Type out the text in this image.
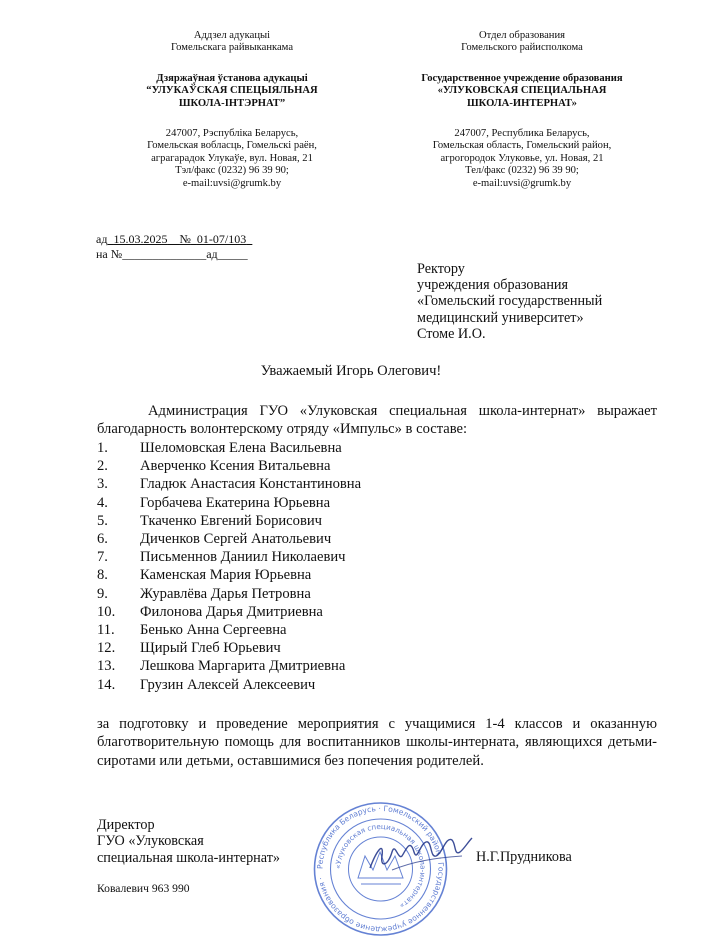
Аддзел адукацыі
Гомельскага райвыканкама
Дзяржаўная ўстанова адукацыі
“УЛУКАЎСКАЯ СПЕЦЫЯЛЬНАЯ
ШКОЛА-ІНТЭРНАТ”
247007, Рэспубліка Беларусь,
Гомельская вобласць, Гомельскі раён,
аграгарадок Улукаўе, вул. Новая, 21
Тэл/факс (0232) 96 39 90;
e-mail:uvsi@grumk.by
Отдел образования
Гомельского райисполкома
Государственное учреждение образования
«УЛУКОВСКАЯ СПЕЦИАЛЬНАЯ
ШКОЛА-ИНТЕРНАТ»
247007, Республика Беларусь,
Гомельская область, Гомельский район,
агрогородок Улуковье, ул. Новая, 21
Тел/факс (0232) 96 39 90;
e-mail:uvsi@grumk.by
ад_15.03.2025__№_01-07/103_
на №______________ад_____
Ректору
учреждения образования
«Гомельский государственный
медицинский университет»
Стоме И.О.
Уважаемый Игорь Олегович!
Администрация ГУО «Улуковская специальная школа-интернат» выражает благодарность волонтерскому отряду «Импульс» в составе:
1.	Шеломовская Елена Васильевна
2.	Аверченко Ксения Витальевна
3.	Гладюк Анастасия Константиновна
4.	Горбачева Екатерина Юрьевна
5.	Ткаченко Евгений Борисович
6.	Диченков Сергей Анатольевич
7.	Письменнов Даниил Николаевич
8.	Каменская Мария Юрьевна
9.	Журавлёва Дарья Петровна
10.	Филонова Дарья Дмитриевна
11.	Бенько Анна Сергеевна
12.	Щирый Глеб Юрьевич
13.	Лешкова Маргарита Дмитриевна
14.	Грузин Алексей Алексеевич
за подготовку и проведение мероприятия с учащимися 1-4 классов и оказанную благотворительную помощь для воспитанников школы-интерната, являющихся детьми-сиротами или детьми, оставшимися без попечения родителей.
Директор
ГУО «Улуковская
специальная школа-интернат»
Республика Беларусь · Гомельский район · Государственное учреждение образования ·
«Улуковская специальная школа-интернат»
Н.Г.Прудникова
Ковалевич 963 990
